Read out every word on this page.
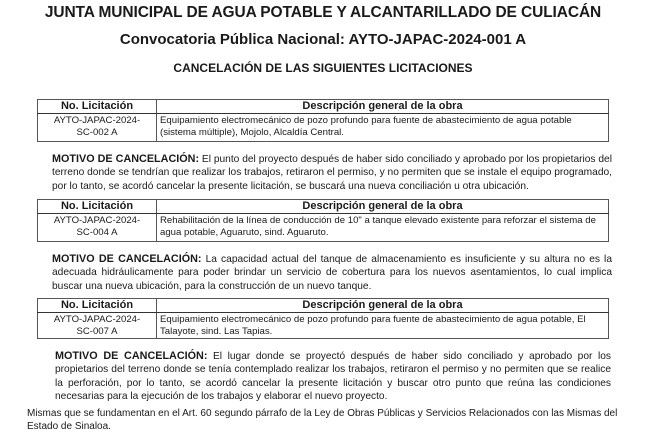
JUNTA MUNICIPAL DE AGUA POTABLE Y ALCANTARILLADO DE CULIACÁN
Convocatoria Pública Nacional: AYTO-JAPAC-2024-001 A
CANCELACIÓN DE LAS SIGUIENTES LICITACIONES
No. Licitación	Descripción general de la obra

AYTO-JAPAC-2024-
SC-002 A	Equipamiento electromecánico de pozo profundo para fuente de abastecimiento de agua potable (sistema múltiple), Mojolo, Alcaldía Central.
MOTIVO DE CANCELACIÓN: El punto del proyecto después de haber sido conciliado y aprobado por los propietarios del terreno donde se tendrían que realizar los trabajos, retiraron el permiso, y no permiten que se instale el equipo programado, por lo tanto, se acordó cancelar la presente licitación, se buscará una nueva conciliación u otra ubicación.
No. Licitación	Descripción general de la obra

AYTO-JAPAC-2024-
SC-004 A	Rehabilitación de la línea de conducción de 10" a tanque elevado existente para reforzar el sistema de agua potable, Aguaruto, sind. Aguaruto.
MOTIVO DE CANCELACIÓN: La capacidad actual del tanque de almacenamiento es insuficiente y su altura no es la adecuada hidráulicamente para poder brindar un servicio de cobertura para los nuevos asentamientos, lo cual implica buscar una nueva ubicación, para la construcción de un nuevo tanque.
No. Licitación	Descripción general de la obra

AYTO-JAPAC-2024-
SC-007 A	Equipamiento electromecánico de pozo profundo para fuente de abastecimiento de agua potable, El Talayote, sind. Las Tapias.
MOTIVO DE CANCELACIÓN: El lugar donde se proyectó después de haber sido conciliado y aprobado por los propietarios del terreno donde se tenía contemplado realizar los trabajos, retiraron el permiso y no permiten que se realice la perforación, por lo tanto, se acordó cancelar la presente licitación y buscar otro punto que reúna las condiciones necesarias para la ejecución de los trabajos y elaborar el nuevo proyecto.
Mismas que se fundamentan en el Art. 60 segundo párrafo de la Ley de Obras Públicas y Servicios Relacionados con las Mismas del Estado de Sinaloa.
